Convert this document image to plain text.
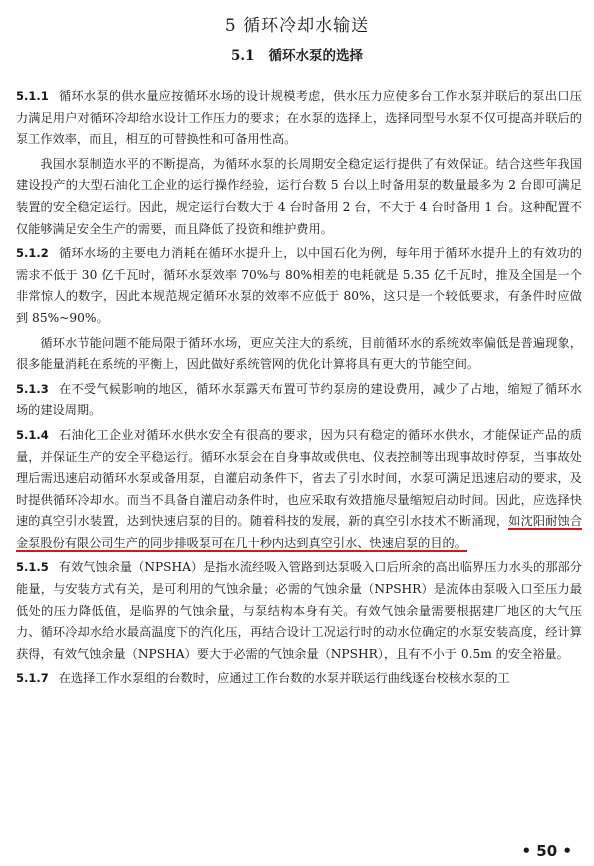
5 循环冷却水输送
5.1 循环水泵的选择

5.1.1 循环水泵的供水量应按循环水场的设计规模考虑，供水压力应使多台工作水泵并联后的泵出口压力满足用户对循环冷却给水设计工作压力的要求；在水泵的选择上，选择同型号水泵不仅可提高并联后的泵工作效率，而且，相互的可替换性和可备用性高。

我国水泵制造水平的不断提高，为循环水泵的长周期安全稳定运行提供了有效保证。结合这些年我国建设投产的大型石油化工企业的运行操作经验，运行台数 5 台以上时备用泵的数量最多为 2 台即可满足装置的安全稳定运行。因此，规定运行台数大于 4 台时备用 2 台，不大于 4 台时备用 1 台。这种配置不仅能够满足安全生产的需要，而且降低了投资和维护费用。

5.1.2 循环水场的主要电力消耗在循环水提升上，以中国石化为例，每年用于循环水提升上的有效功的需求不低于 30 亿千瓦时，循环水泵效率 70%与 80%相差的电耗就是 5.35 亿千瓦时，推及全国是一个非常惊人的数字，因此本规范规定循环水泵的效率不应低于 80%，这只是一个较低要求，有条件时应做到 85%~90%。

循环水节能问题不能局限于循环水场，更应关注大的系统，目前循环水的系统效率偏低是普遍现象，很多能量消耗在系统的平衡上，因此做好系统管网的优化计算将具有更大的节能空间。

5.1.3 在不受气候影响的地区，循环水泵露天布置可节约泵房的建设费用，减少了占地，缩短了循环水场的建设周期。

5.1.4 石油化工企业对循环水供水安全有很高的要求，因为只有稳定的循环水供水，才能保证产品的质量，并保证生产的安全平稳运行。循环水泵会在自身事故或供电、仪表控制等出现事故时停泵，当事故处理后需迅速启动循环水泵或备用泵，自灌启动条件下，省去了引水时间，水泵可满足迅速启动的要求，及时提供循环冷却水。而当不具备自灌启动条件时，也应采取有效措施尽量缩短启动时间。因此，应选择快速的真空引水装置，达到快速启泵的目的。随着科技的发展，新的真空引水技术不断涌现，如沈阳耐蚀合金泵股份有限公司生产的同步排吸泵可在几十秒内达到真空引水、快速启泵的目的。

5.1.5 有效气蚀余量（NPSHA）是指水流经吸入管路到达泵吸入口后所余的高出临界压力水头的那部分能量，与安装方式有关，是可利用的气蚀余量；必需的气蚀余量（NPSHR）是流体由泵吸入口至压力最低处的压力降低值，是临界的气蚀余量，与泵结构本身有关。有效气蚀余量需要根据建厂地区的大气压力、循环冷却水给水最高温度下的汽化压，再结合设计工况运行时的动水位确定的水泵安装高度，经计算获得，有效气蚀余量（NPSHA）要大于必需的气蚀余量（NPSHR），且有不小于 0.5m 的安全裕量。

5.1.7 在选择工作水泵组的台数时，应通过工作台数的水泵并联运行曲线逐台校核水泵的工

• 50 •
